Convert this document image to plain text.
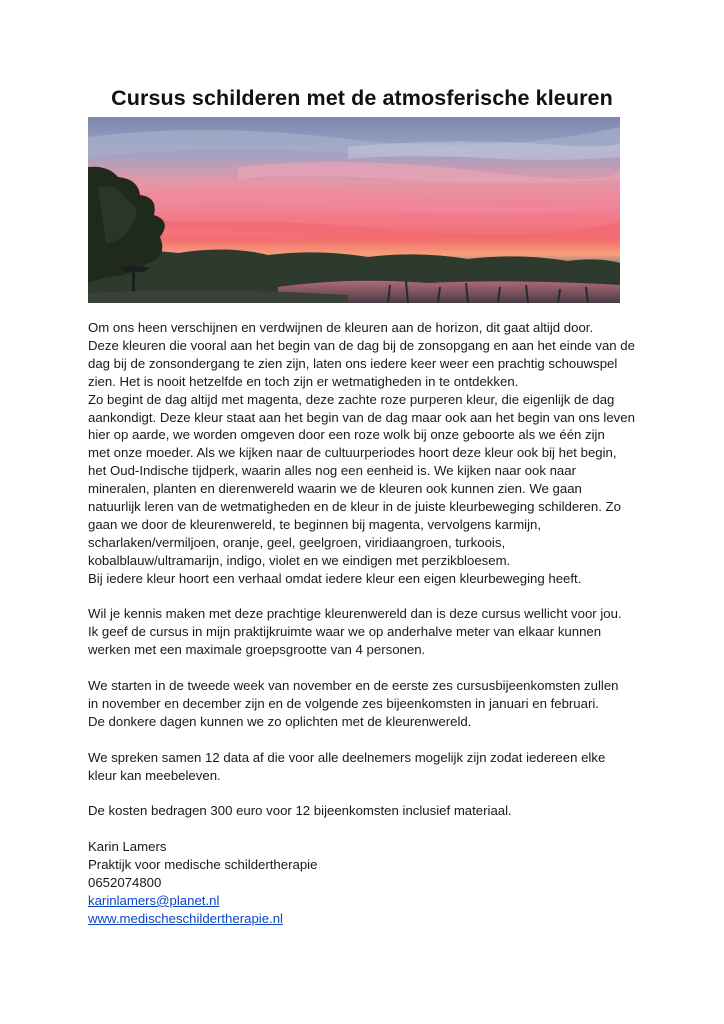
Cursus schilderen met de atmosferische kleuren

Om ons heen verschijnen en verdwijnen de kleuren aan de horizon, dit gaat altijd door.

Deze kleuren die vooral aan het begin van de dag bij de zonsopgang en aan het einde van de

dag bij de zonsondergang te zien zijn, laten ons iedere keer weer een prachtig schouwspel

zien. Het is nooit hetzelfde en toch zijn er wetmatigheden in te ontdekken.

Zo begint de dag altijd met magenta, deze zachte roze purperen kleur, die eigenlijk de dag

aankondigt. Deze kleur staat aan het begin van de dag maar ook aan het begin van ons leven

hier op aarde, we worden omgeven door een roze wolk bij onze geboorte als we één zijn

met onze moeder. Als we kijken naar de cultuurperiodes hoort deze kleur ook bij het begin,

het Oud-Indische tijdperk, waarin alles nog een eenheid is. We kijken naar ook naar

mineralen, planten en dierenwereld waarin we de kleuren ook kunnen zien. We gaan

natuurlijk leren van de wetmatigheden en de kleur in de juiste kleurbeweging schilderen. Zo

gaan we door de kleurenwereld, te beginnen bij magenta, vervolgens karmijn,

scharlaken/vermiljoen, oranje, geel, geelgroen, viridiaangroen, turkoois,

kobalblauw/ultramarijn, indigo, violet en we eindigen met perzikbloesem.

Bij iedere kleur hoort een verhaal omdat iedere kleur een eigen kleurbeweging heeft.

Wil je kennis maken met deze prachtige kleurenwereld dan is deze cursus wellicht voor jou.

Ik geef de cursus in mijn praktijkruimte waar we op anderhalve meter van elkaar kunnen

werken met een maximale groepsgrootte van 4 personen.

We starten in de tweede week van november en de eerste zes cursusbijeenkomsten zullen

in november en december zijn en de volgende zes bijeenkomsten in januari en februari.

De donkere dagen kunnen we zo oplichten met de kleurenwereld.

We spreken samen 12 data af die voor alle deelnemers mogelijk zijn zodat iedereen elke

kleur kan meebeleven.

De kosten bedragen 300 euro voor 12 bijeenkomsten inclusief materiaal.

Karin Lamers

Praktijk voor medische schildertherapie

0652074800

karinlamers@planet.nl

www.medischeschildertherapie.nl
